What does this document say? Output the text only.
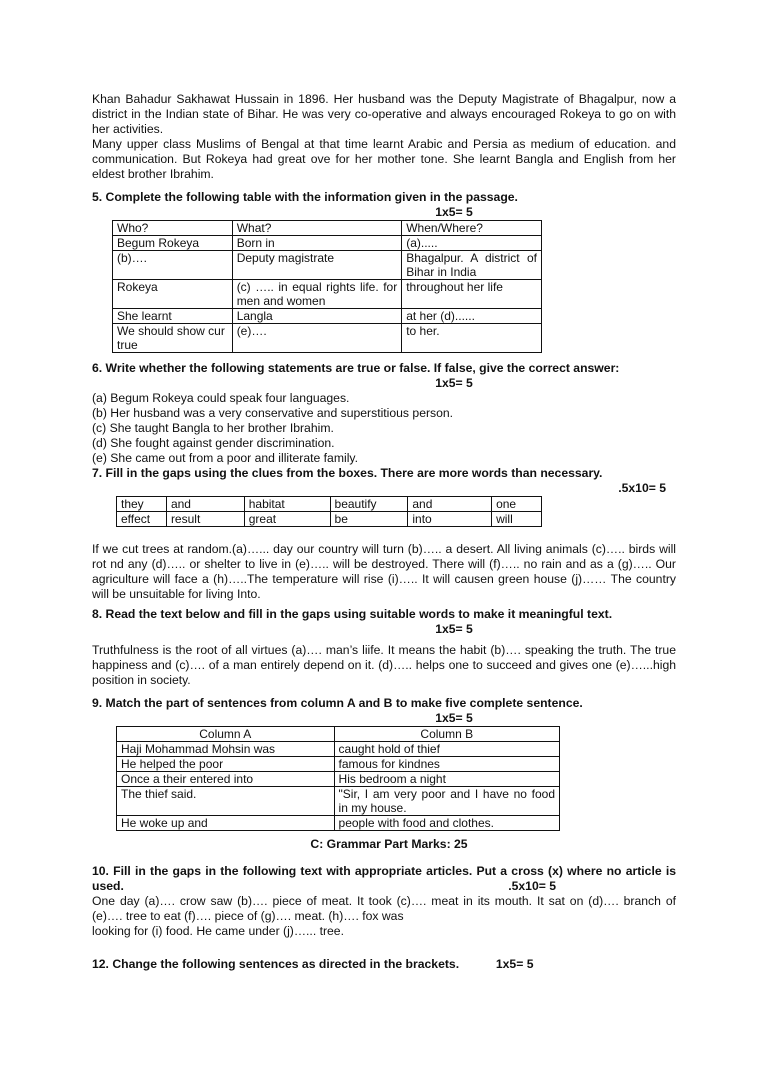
Khan Bahadur Sakhawat Hussain in 1896. Her husband was the Deputy Magistrate of Bhagalpur, now a district in the Indian state of Bihar. He was very co-operative and always encouraged Rokeya to go on with her activities.

Many upper class Muslims of Bengal at that time learnt Arabic and Persia as medium of education. and communication. But Rokeya had great ove for her mother tone. She learnt Bangla and English from her eldest brother Ibrahim.

5. Complete the following table with the information given in the passage.

1x5= 5

Who?	What?	When/Where?
Begum Rokeya	Born in	(a).....
(b)….	Deputy magistrate	Bhagalpur. A district of Bihar in India
Rokeya	(c) ….. in equal rights life. for men and women	throughout her life
She learnt	Langla	at her (d)......
We should show cur true	(e)….	to her.

6. Write whether the following statements are true or false. If false, give the correct answer:

1x5= 5

(a) Begum Rokeya could speak four languages.

(b) Her husband was a very conservative and superstitious person.

(c) She taught Bangla to her brother Ibrahim.

(d) She fought against gender discrimination.

(e) She came out from a poor and illiterate family.

7. Fill in the gaps using the clues from the boxes. There are more words than necessary.

.5x10= 5

they	and	habitat	beautify	and	one
effect	result	great	be	into	will

If we cut trees at random.(a)…... day our country will turn (b)….. a desert. All living animals (c)….. birds will rot nd any (d)….. or shelter to live in (e)….. will be destroyed. There will (f)….. no rain and as a (g)….. Our agriculture will face a (h)…..The temperature will rise (i)….. It will causen green house (j)…… The country will be unsuitable for living Into.

8. Read the text below and fill in the gaps using suitable words to make it meaningful text.

1x5= 5

Truthfulness is the root of all virtues (a)…. man’s liife. It means the habit (b)…. speaking the truth. The true happiness and (c)…. of a man entirely depend on it. (d)….. helps one to succeed and gives one (e)…...high position in society.

9. Match the part of sentences from column A and B to make five complete sentence.

1x5= 5

Column A	Column B
Haji Mohammad Mohsin was	caught hold of thief
He helped the poor	famous for kindnes
Once a their entered into	His bedroom a night
The thief said.	"Sir, I am very poor and I have no food in my house.
He woke up and	people with food and clothes.

C: Grammar Part Marks: 25

10. Fill in the gaps in the following text with appropriate articles. Put a cross (x) where no article is used.	.5x10= 5

One day (a)…. crow saw (b)…. piece of meat. It took (c)…. meat in its mouth. It sat on (d)…. branch of (e)…. tree to eat (f)…. piece of (g)…. meat. (h)…. fox was

looking for (i) food. He came under (j)…... tree.

12. Change the following sentences as directed in the brackets.	1x5= 5
